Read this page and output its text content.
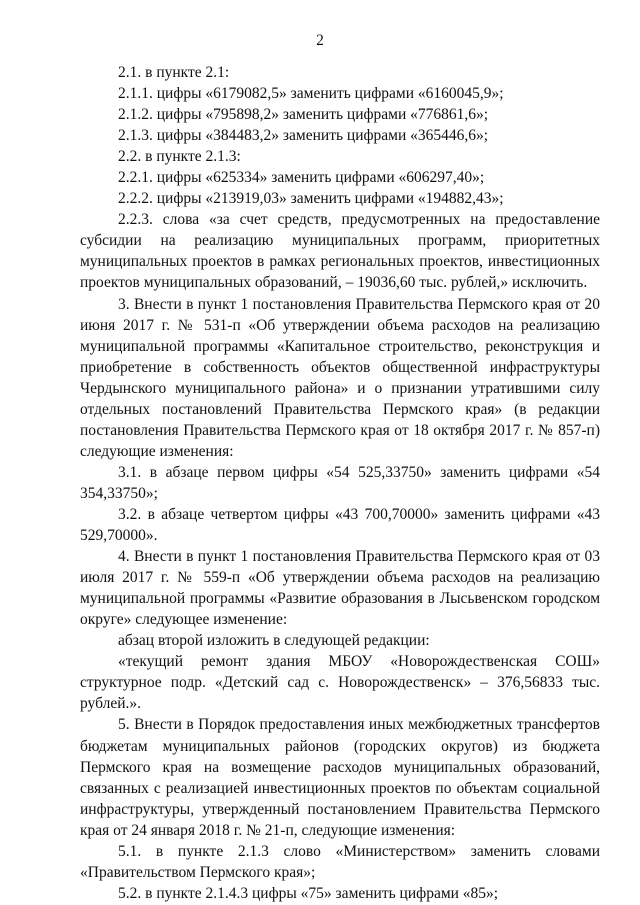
2

2.1. в пункте 2.1:

2.1.1. цифры «6179082,5» заменить цифрами «6160045,9»;

2.1.2. цифры «795898,2» заменить цифрами «776861,6»;

2.1.3. цифры «384483,2» заменить цифрами «365446,6»;

2.2. в пункте 2.1.3:

2.2.1. цифры «625334» заменить цифрами «606297,40»;

2.2.2. цифры «213919,03» заменить цифрами «194882,43»;

2.2.3. слова «за счет средств, предусмотренных на предоставление субсидии на реализацию муниципальных программ, приоритетных муниципальных проектов в рамках региональных проектов, инвестиционных проектов муниципальных образований, – 19036,60 тыс. рублей,» исключить.

3. Внести в пункт 1 постановления Правительства Пермского края от 20 июня 2017 г. № 531-п «Об утверждении объема расходов на реализацию муниципальной программы «Капитальное строительство, реконструкция и приобретение в собственность объектов общественной инфраструктуры Чердынского муниципального района» и о признании утратившими силу отдельных постановлений Правительства Пермского края» (в редакции постановления Правительства Пермского края от 18 октября 2017 г. № 857-п) следующие изменения:

3.1. в абзаце первом цифры «54 525,33750» заменить цифрами «54 354,33750»;

3.2. в абзаце четвертом цифры «43 700,70000» заменить цифрами «43 529,70000».

4. Внести в пункт 1 постановления Правительства Пермского края от 03 июля 2017 г. № 559-п «Об утверждении объема расходов на реализацию муниципальной программы «Развитие образования в Лысьвенском городском округе» следующее изменение:

абзац второй изложить в следующей редакции:

«текущий ремонт здания МБОУ «Новорождественская СОШ» структурное подр. «Детский сад с. Новорождественск» – 376,56833 тыс. рублей.».

5. Внести в Порядок предоставления иных межбюджетных трансфертов бюджетам муниципальных районов (городских округов) из бюджета Пермского края на возмещение расходов муниципальных образований, связанных с реализацией инвестиционных проектов по объектам социальной инфраструктуры, утвержденный постановлением Правительства Пермского края от 24 января 2018 г. № 21-п, следующие изменения:

5.1. в пункте 2.1.3 слово «Министерством» заменить словами «Правительством Пермского края»;

5.2. в пункте 2.1.4.3 цифры «75» заменить цифрами «85»;
